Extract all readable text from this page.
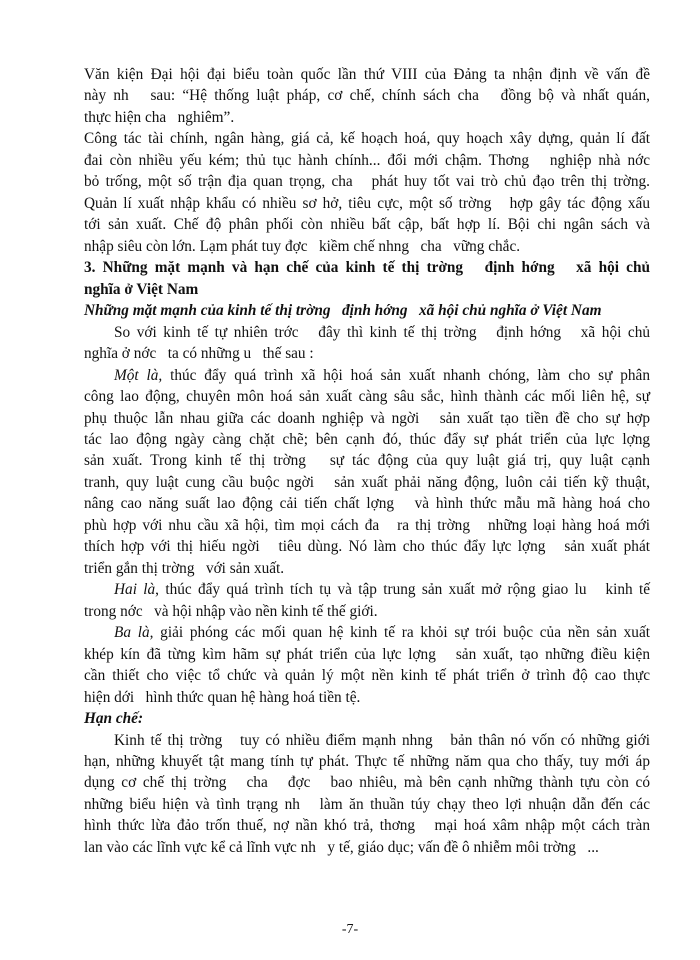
Văn kiện Đại hội đại biểu toàn quốc lần thứ VIII của Đảng ta nhận định về vấn đề
này nh   sau: “Hệ thống luật pháp, cơ chế, chính sách cha   đồng bộ và nhất quán,
thực hiện cha   nghiêm”.
Công tác tài chính, ngân hàng, giá cả, kế hoạch hoá, quy hoạch xây dựng, quản lí đất
đai còn nhiều yếu kém; thủ tục hành chính... đổi mới chậm. Thơng   nghiệp nhà nớc
bỏ trống, một số trận địa quan trọng, cha   phát huy tốt vai trò chủ đạo trên thị trờng.
Quản lí xuất nhập khẩu có nhiều sơ hở, tiêu cực, một số trờng   hợp gây tác động xấu
tới sản xuất. Chế độ phân phối còn nhiều bất cập, bất hợp lí. Bội chi ngân sách và
nhập siêu còn lớn. Lạm phát tuy đợc   kiềm chế nhng   cha   vững chắc.
3. Những mặt mạnh và hạn chế của kinh tế thị trờng   định hớng   xã hội chủ
nghĩa ở Việt Nam
Những mặt mạnh của kinh tế thị trờng   định hớng   xã hội chủ nghĩa ở Việt Nam
So với kinh tế tự nhiên trớc   đây thì kinh tế thị trờng   định hớng   xã hội chủ
nghĩa ở nớc   ta có những u   thế sau :
Một là, thúc đẩy quá trình xã hội hoá sản xuất nhanh chóng, làm cho sự phân
công lao động, chuyên môn hoá sản xuất càng sâu sắc, hình thành các mối liên hệ, sự
phụ thuộc lẫn nhau giữa các doanh nghiệp và ngời   sản xuất tạo tiền đề cho sự hợp
tác lao động ngày càng chặt chẽ; bên cạnh đó, thúc đẩy sự phát triển của lực lợng
sản xuất. Trong kinh tế thị trờng   sự tác động của quy luật giá trị, quy luật cạnh
tranh, quy luật cung cầu buộc ngời   sản xuất phải năng động, luôn cải tiến kỹ thuật,
nâng cao năng suất lao động cải tiến chất lợng   và hình thức mẫu mã hàng hoá cho
phù hợp với nhu cầu xã hội, tìm mọi cách đa   ra thị trờng   những loại hàng hoá mới
thích hợp với thị hiếu ngời   tiêu dùng. Nó làm cho thúc đẩy lực lợng   sản xuất phát
triển gắn thị trờng   với sản xuất.
Hai là, thúc đẩy quá trình tích tụ và tập trung sản xuất mở rộng giao lu   kinh tế
trong nớc   và hội nhập vào nền kinh tế thế giới.
Ba là, giải phóng các mối quan hệ kinh tế ra khỏi sự trói buộc của nền sản xuất
khép kín đã từng kìm hãm sự phát triển của lực lợng   sản xuất, tạo những điều kiện
cần thiết cho việc tổ chức và quản lý một nền kinh tế phát triển ở trình độ cao thực
hiện dới   hình thức quan hệ hàng hoá tiền tệ.
Hạn chế:
Kinh tế thị trờng   tuy có nhiều điểm mạnh nhng   bản thân nó vốn có những giới
hạn, những khuyết tật mang tính tự phát. Thực tế những năm qua cho thấy, tuy mới áp
dụng cơ chế thị trờng   cha   đợc   bao nhiêu, mà bên cạnh những thành tựu còn có
những biểu hiện và tình trạng nh   làm ăn thuần túy chạy theo lợi nhuận dẫn đến các
hình thức lừa đảo trốn thuế, nợ nần khó trả, thơng   mại hoá xâm nhập một cách tràn
lan vào các lĩnh vực kể cả lĩnh vực nh   y tế, giáo dục; vấn đề ô nhiễm môi trờng   ...
-7-
